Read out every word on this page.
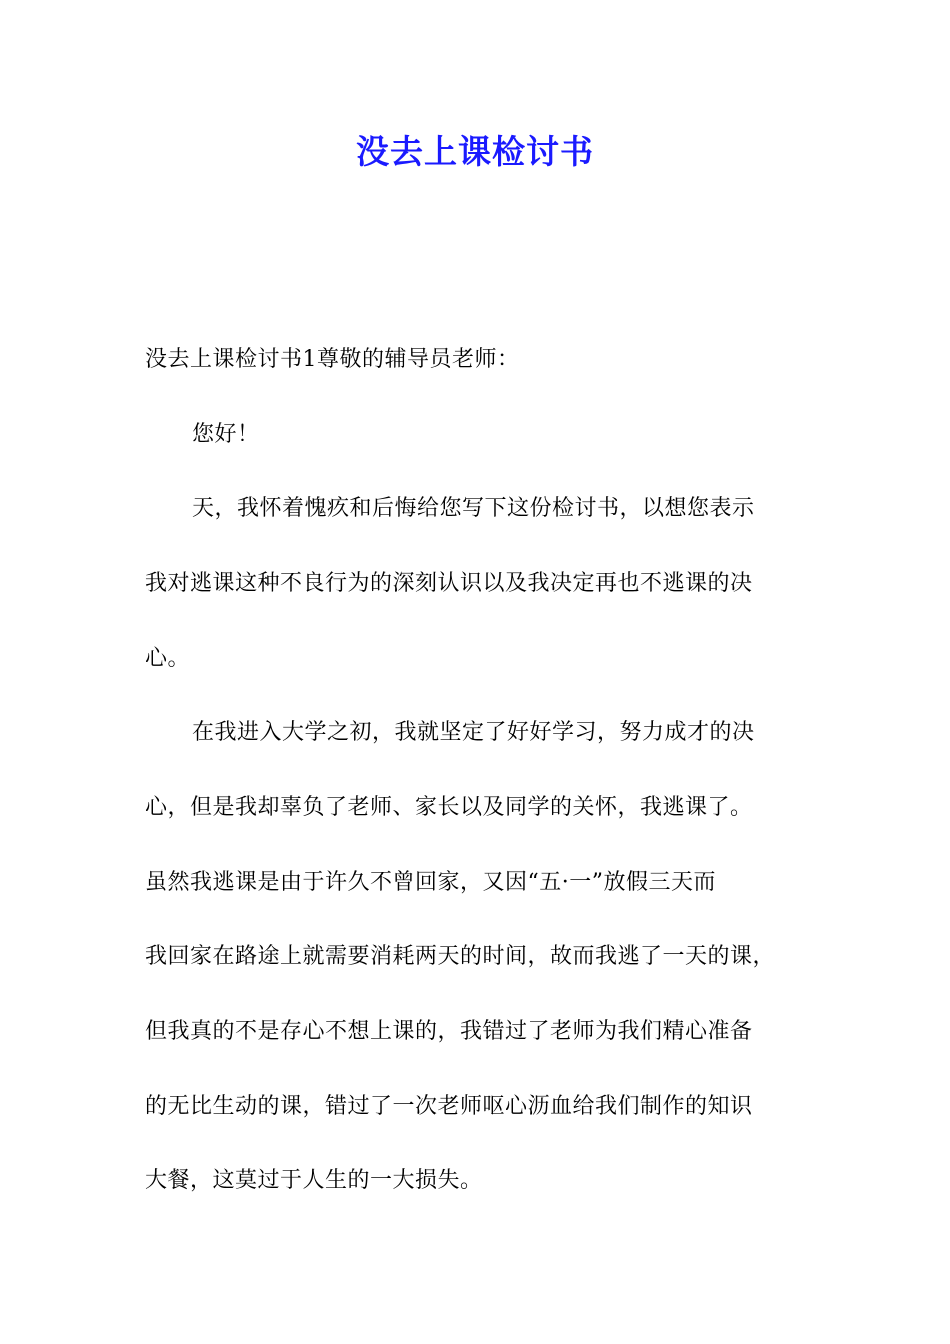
没去上课检讨书
没去上课检讨书1尊敬的辅导员老师：
您好！
天，我怀着愧疚和后悔给您写下这份检讨书，以想您表示
我对逃课这种不良行为的深刻认识以及我决定再也不逃课的决
心。
在我进入大学之初，我就坚定了好好学习，努力成才的决
心，但是我却辜负了老师、家长以及同学的关怀，我逃课了。
虽然我逃课是由于许久不曾回家，又因“五·一”放假三天而
我回家在路途上就需要消耗两天的时间，故而我逃了一天的课，
但我真的不是存心不想上课的，我错过了老师为我们精心准备
的无比生动的课，错过了一次老师呕心沥血给我们制作的知识
大餐，这莫过于人生的一大损失。
